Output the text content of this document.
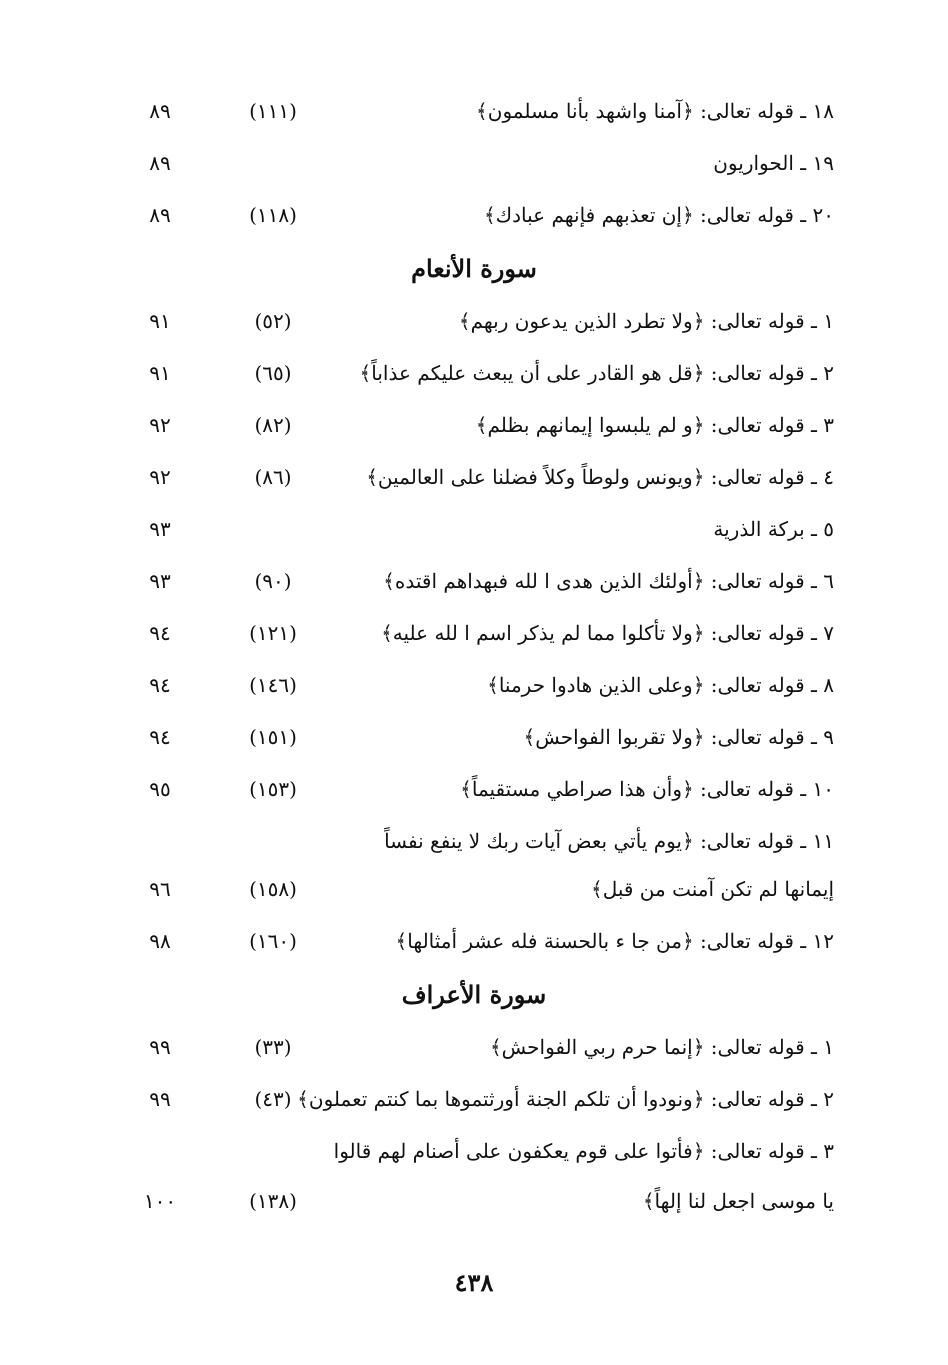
١٨ ـ قوله تعالى: ﴿آمنا واشهد بأنا مسلمون﴾
(١١١)
٨٩
١٩ ـ الحواريون
٨٩
٢٠ ـ قوله تعالى: ﴿إن تعذبهم فإنهم عبادك﴾
(١١٨)
٨٩
سورة الأنعام
١ ـ قوله تعالى: ﴿ولا تطرد الذين يدعون ربهم﴾
(٥٢)
٩١
٢ ـ قوله تعالى: ﴿قل هو القادر على أن يبعث عليكم عذاباً﴾
(٦٥)
٩١
٣ ـ قوله تعالى: ﴿و لم يلبسوا إيمانهم بظلم﴾
(٨٢)
٩٢
٤ ـ قوله تعالى: ﴿ويونس ولوطاً وكلاً فضلنا على العالمين﴾
(٨٦)
٩٢
٥ ـ بركة الذرية
٩٣
٦ ـ قوله تعالى: ﴿أولئك الذين هدى ا لله فبهداهم اقتده﴾
(٩٠)
٩٣
٧ ـ قوله تعالى: ﴿ولا تأكلوا مما لم يذكر اسم ا لله عليه﴾
(١٢١)
٩٤
٨ ـ قوله تعالى: ﴿وعلى الذين هادوا حرمنا﴾
(١٤٦)
٩٤
٩ ـ قوله تعالى: ﴿ولا تقربوا الفواحش﴾
(١٥١)
٩٤
١٠ ـ قوله تعالى: ﴿وأن هذا صراطي مستقيماً﴾
(١٥٣)
٩٥
١١ ـ قوله تعالى: ﴿يوم يأتي بعض آيات ربك لا ينفع نفساً
إيمانها لم تكن آمنت من قبل﴾
(١٥٨)
٩٦
١٢ ـ قوله تعالى: ﴿من جا ء بالحسنة فله عشر أمثالها﴾
(١٦٠)
٩٨
سورة الأعراف
١ ـ قوله تعالى: ﴿إنما حرم ربي الفواحش﴾
(٣٣)
٩٩
٢ ـ قوله تعالى: ﴿ونودوا أن تلكم الجنة أورثتموها بما كنتم تعملون﴾
(٤٣)
٩٩
٣ ـ قوله تعالى: ﴿فأتوا على قوم يعكفون على أصنام لهم قالوا
يا موسى اجعل لنا إلهاً﴾
(١٣٨)
١٠٠
٤٣٨
